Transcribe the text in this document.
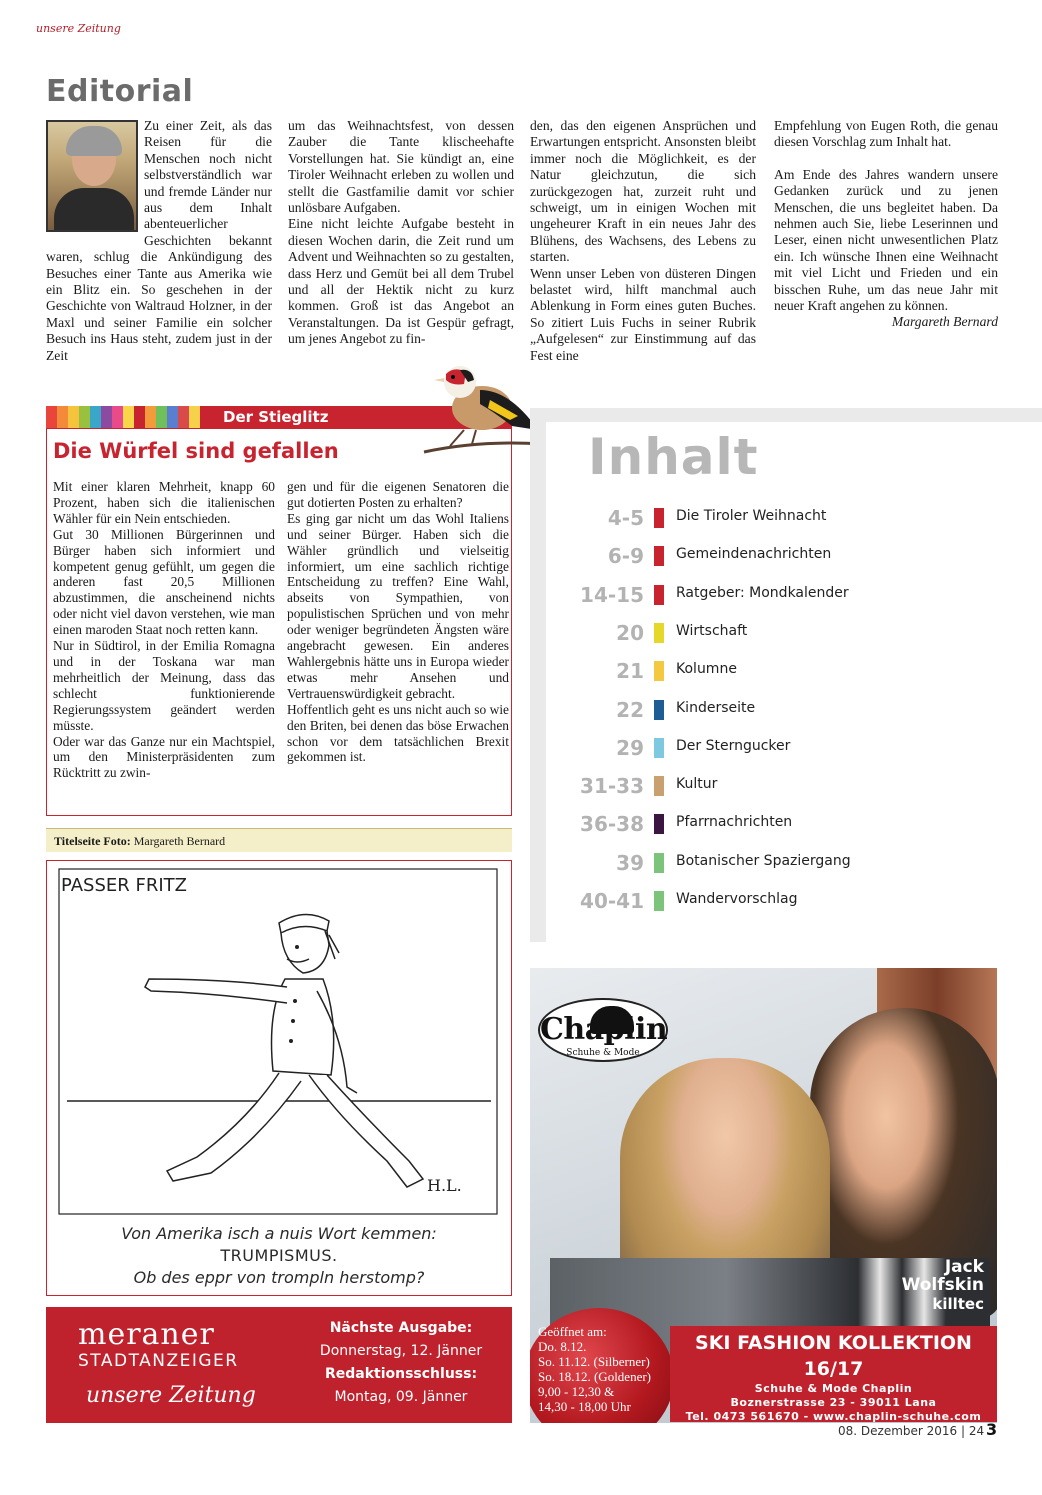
unsere Zeitung
Editorial

Zu einer Zeit, als das Reisen für die Menschen noch nicht selbstverständlich war und fremde Länder nur aus dem Inhalt abenteuerlicher Geschichten bekannt waren, schlug die Ankündigung des Besuches einer Tante aus Amerika wie ein Blitz ein. So geschehen in der Geschichte von Waltraud Holzner, in der Maxl und seiner Familie ein solcher Besuch ins Haus steht, zudem just in der Zeit

um das Weihnachtsfest, von dessen Zauber die Tante klischeehafte Vorstellungen hat. Sie kündigt an, eine Tiroler Weihnacht erleben zu wollen und stellt die Gastfamilie damit vor schier unlösbare Aufgaben.

Eine nicht leichte Aufgabe besteht in diesen Wochen darin, die Zeit rund um Advent und Weihnachten so zu gestalten, dass Herz und Gemüt bei all dem Trubel und all der Hektik nicht zu kurz kommen. Groß ist das Angebot an Veranstaltungen. Da ist Gespür gefragt, um jenes Angebot zu fin-

den, das den eigenen Ansprüchen und Erwartungen entspricht. Ansonsten bleibt immer noch die Möglichkeit, es der Natur gleichzutun, die sich zurückgezogen hat, zurzeit ruht und schweigt, um in einigen Wochen mit ungeheurer Kraft in ein neues Jahr des Blühens, des Wachsens, des Lebens zu starten.

Wenn unser Leben von düsteren Dingen belastet wird, hilft manchmal auch Ablenkung in Form eines guten Buches. So zitiert Luis Fuchs in seiner Rubrik „Aufgelesen“ zur Einstimmung auf das Fest eine

Empfehlung von Eugen Roth, die genau diesen Vorschlag zum Inhalt hat.

Am Ende des Jahres wandern unsere Gedanken zurück und zu jenen Menschen, die uns begleitet haben. Da nehmen auch Sie, liebe Leserinnen und Leser, einen nicht unwesentlichen Platz ein. Ich wünsche Ihnen eine Weihnacht mit viel Licht und Frieden und ein bisschen Ruhe, um das neue Jahr mit neuer Kraft angehen zu können.

Margareth Bernard

Der Stieglitz
Die Würfel sind gefallen

Mit einer klaren Mehrheit, knapp 60 Prozent, haben sich die italienischen Wähler für ein Nein entschieden.

Gut 30 Millionen Bürgerinnen und Bürger haben sich informiert und kompetent genug gefühlt, um gegen die anderen fast 20,5 Millionen abzustimmen, die anscheinend nichts oder nicht viel davon verstehen, wie man einen maroden Staat noch retten kann.

Nur in Südtirol, in der Emilia Romagna und in der Toskana war man mehrheitlich der Meinung, dass das schlecht funktionierende Regierungssystem geändert werden müsste.

Oder war das Ganze nur ein Machtspiel, um den Ministerpräsidenten zum Rücktritt zu zwin-

gen und für die eigenen Senatoren die gut dotierten Posten zu erhalten?

Es ging gar nicht um das Wohl Italiens und seiner Bürger. Haben sich die Wähler gründlich und vielseitig informiert, um eine sachlich richtige Entscheidung zu treffen? Eine Wahl, abseits von Sympathien, von populistischen Sprüchen und von mehr oder weniger begründeten Ängsten wäre angebracht gewesen. Ein anderes Wahlergebnis hätte uns in Europa wieder etwas mehr Ansehen und Vertrauenswürdigkeit gebracht.

Hoffentlich geht es uns nicht auch so wie den Briten, bei denen das böse Erwachen schon vor dem tatsächlichen Brexit gekommen ist.

Titelseite Foto: Margareth Bernard
PASSER FRITZ
H.L.
Von Amerika isch a nuis Wort kemmen:
TRUMPISMUS.
Ob des eppr von trompln herstomp?
meraner
STADTANZEIGER
unsere Zeitung
Nächste Ausgabe:
Donnerstag, 12. Jänner
Redaktionsschluss:
Montag, 09. Jänner
Inhalt
4-5 Die Tiroler Weihnacht
6-9 Gemeindenachrichten
14-15 Ratgeber: Mondkalender
20 Wirtschaft
21 Kolumne
22 Kinderseite
29 Der Sterngucker
31-33 Kultur
36-38 Pfarrnachrichten
39 Botanischer Spaziergang
40-41 Wandervorschlag
Chaplin
Schuhe & Mode
Jack
Wolfskin
killtec
Geöffnet am:
Do. 8.12.
So. 11.12. (Silberner)
So. 18.12. (Goldener)
9,00 - 12,30 &
14,30 - 18,00 Uhr
SKI FASHION KOLLEKTION 16/17
Schuhe & Mode Chaplin
Boznerstrasse 23 - 39011 Lana
Tel. 0473 561670 - www.chaplin-schuhe.com
08. Dezember 2016 | 24 3
